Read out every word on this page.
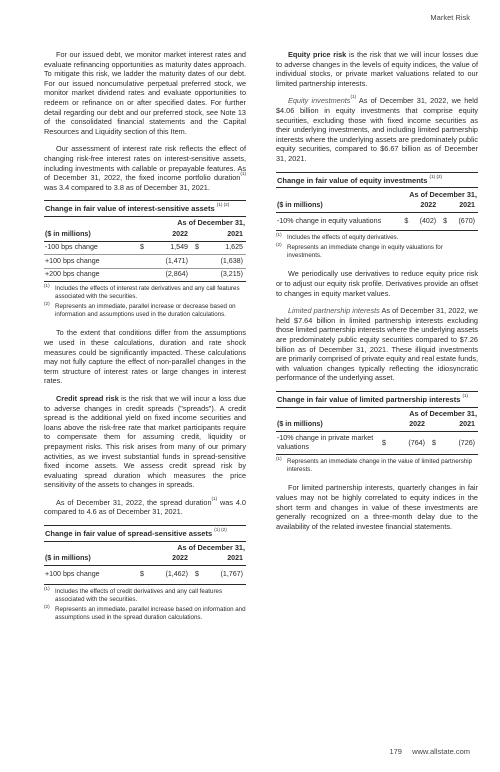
Market Risk

For our issued debt, we monitor market interest rates and evaluate refinancing opportunities as maturity dates approach. To mitigate this risk, we ladder the maturity dates of our debt. For our issued noncumulative perpetual preferred stock, we monitor market dividend rates and evaluate opportunities to redeem or refinance on or after specified dates. For further detail regarding our debt and our preferred stock, see Note 13 of the consolidated financial statements and the Capital Resources and Liquidity section of this Item.

Our assessment of interest rate risk reflects the effect of changing risk-free interest rates on interest-sensitive assets, including investments with callable or prepayable features. As of December 31, 2022, the fixed income portfolio duration$^{(1)}$ was 3.4 compared to 3.8 as of December 31, 2021.

Change in fair value of interest-sensitive assets $^{(1) (2)}$
	As of December 31,			
($ in millions)	2022		2021	
-100 bps change	$	1,549	$	1,625
+100 bps change		(1,471)		(1,638)
+200 bps change		(2,864)		(3,215)
$^{(1)}$ Includes the effects of interest rate derivatives and any call features associated with the securities.
$^{(2)}$ Represents an immediate, parallel increase or decrease based on information and assumptions used in the duration calculations.

To the extent that conditions differ from the assumptions we used in these calculations, duration and rate shock measures could be significantly impacted. These calculations may not fully capture the effect of non-parallel changes in the term structure of interest rates or large changes in interest rates.

Credit spread risk is the risk that we will incur a loss due to adverse changes in credit spreads ("spreads"). A credit spread is the additional yield on fixed income securities and loans above the risk-free rate that market participants require to compensate them for assuming credit, liquidity or prepayment risks. This risk arises from many of our primary activities, as we invest substantial funds in spread-sensitive fixed income assets. We assess credit spread risk by evaluating spread duration which measures the price sensitivity of the assets to changes in spreads.

As of December 31, 2022, the spread duration$^{(1)}$ was 4.0 compared to 4.6 as of December 31, 2021.

Change in fair value of spread-sensitive assets $^{(1) (2)}$
	As of December 31,			
($ in millions)	2022		2021	
+100 bps change	$	(1,462)	$	(1,767)
$^{(1)}$ Includes the effects of credit derivatives and any call features associated with the securities.
$^{(2)}$ Represents an immediate, parallel increase based on information and assumptions used in the spread duration calculations.

Equity price risk is the risk that we will incur losses due to adverse changes in the levels of equity indices, the value of individual stocks, or private market valuations related to our limited partnership interests.

Equity investments$^{(1)}$ As of December 31, 2022, we held $4.06 billion in equity investments that comprise equity securities, excluding those with fixed income securities as their underlying investments, and including limited partnership interests where the underlying assets are predominately public equity securities, compared to $6.67 billion as of December 31, 2021.

Change in fair value of equity investments $^{(1) (2)}$
	As of December 31,			
($ in millions)	2022		2021	
-10% change in equity valuations	$	(402)	$	(670)
$^{(1)}$ Includes the effects of equity derivatives.
$^{(2)}$ Represents an immediate change in equity valuations for investments.

We periodically use derivatives to reduce equity price risk or to adjust our equity risk profile. Derivatives provide an offset to changes in equity market values.

Limited partnership interests As of December 31, 2022, we held $7.64 billion in limited partnership interests excluding those limited partnership interests where the underlying assets are predominately public equity securities compared to $7.26 billion as of December 31, 2021. These illiquid investments are primarily comprised of private equity and real estate funds, with valuation changes typically reflecting the idiosyncratic performance of the underlying asset.

Change in fair value of limited partnership interests $^{(1)}$
	As of December 31,			
($ in millions)	2022		2021	
-10% change in private market valuations	$	(764)	$	(726)
$^{(1)}$ Represents an immediate change in the value of limited partnership interests.

For limited partnership interests, quarterly changes in fair values may not be highly correlated to equity indices in the short term and changes in value of these investments are generally recognized on a three-month delay due to the availability of the related investee financial statements.

179 www.allstate.com
